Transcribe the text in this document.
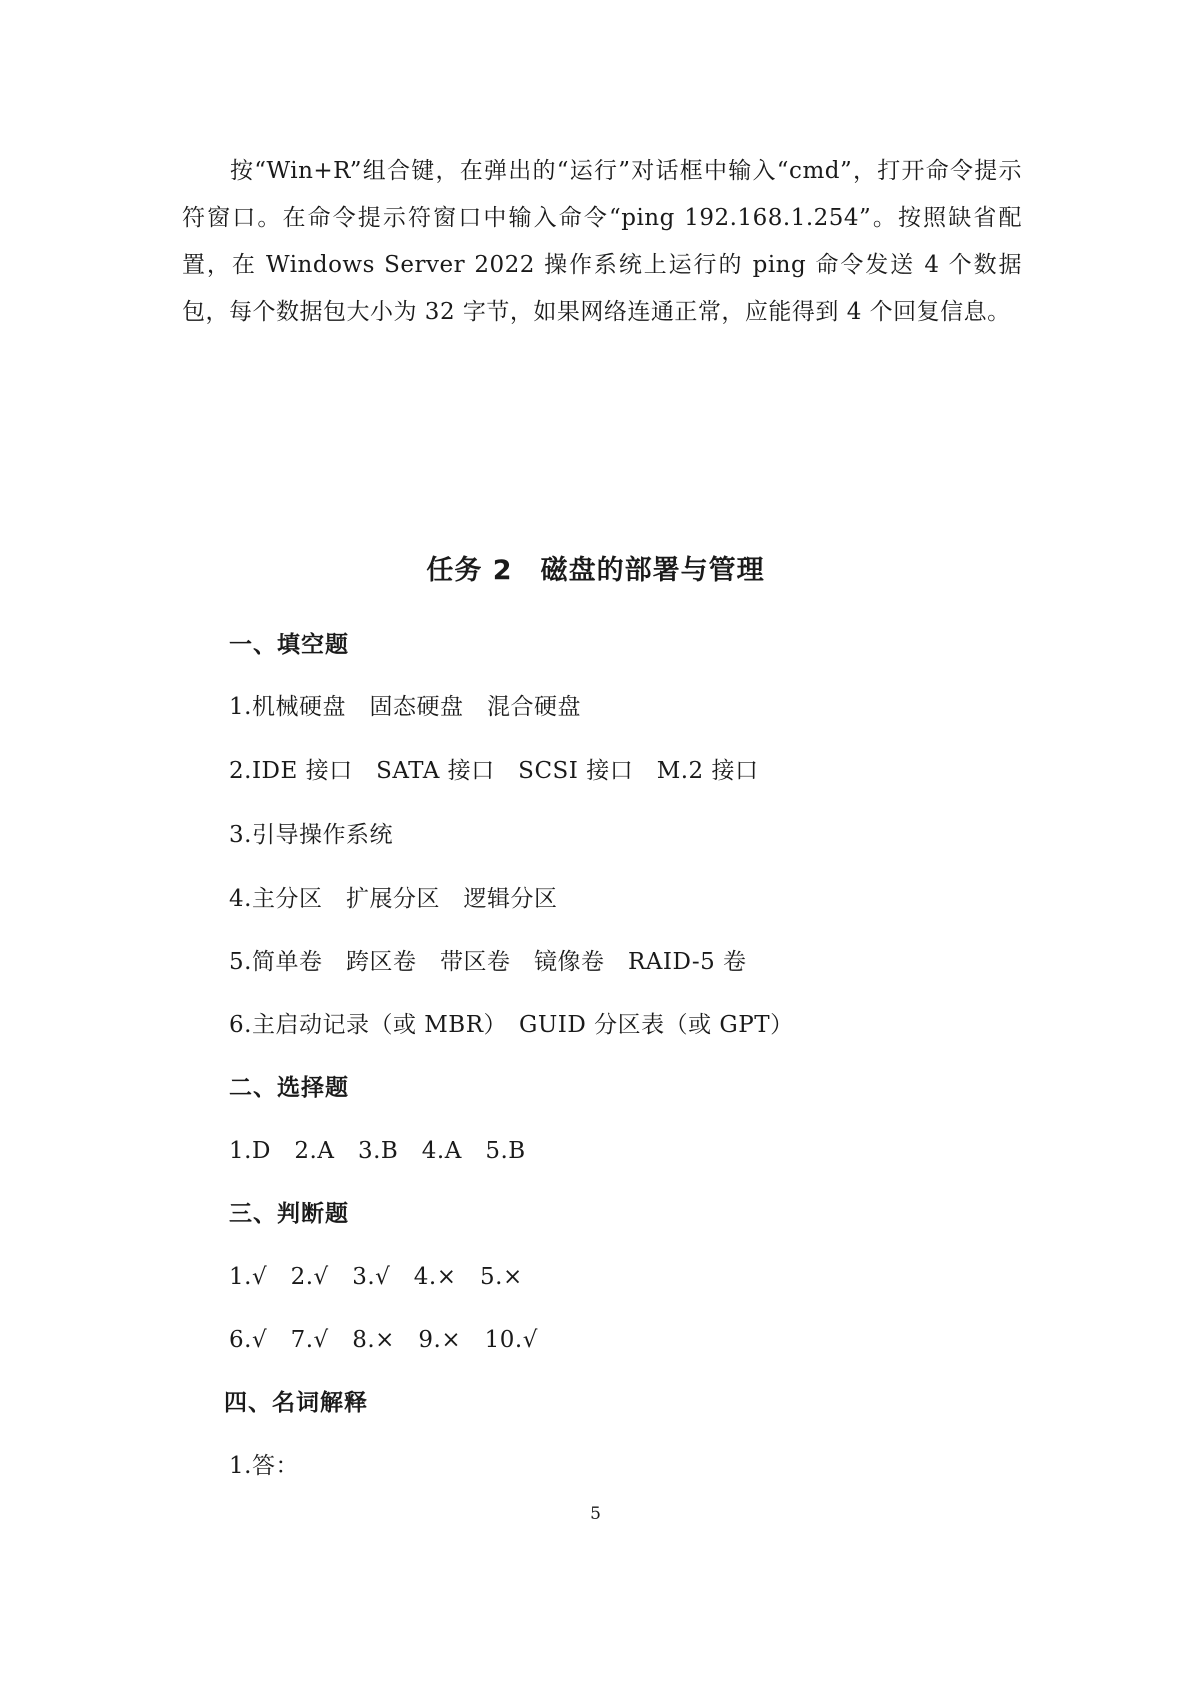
按“Win+R”组合键，在弹出的“运行”对话框中输入“cmd”，打开命令提示符窗口。在命令提示符窗口中输入命令“ping 192.168.1.254”。按照缺省配置，在 Windows Server 2022 操作系统上运行的 ping 命令发送 4 个数据包，每个数据包大小为 32 字节，如果网络连通正常，应能得到 4 个回复信息。

任务 2　磁盘的部署与管理
一、填空题
1.机械硬盘　固态硬盘　混合硬盘
2.IDE 接口　SATA 接口　SCSI 接口　M.2 接口
3.引导操作系统
4.主分区　扩展分区　逻辑分区
5.简单卷　跨区卷　带区卷　镜像卷　RAID-5 卷
6.主启动记录（或 MBR）　GUID 分区表（或 GPT）
二、选择题
1.D　2.A　3.B　4.A　5.B
三、判断题
1.√　2.√　3.√　4.×　5.×
6.√　7.√　8.×　9.×　10.√
四、名词解释
1.答：
5
